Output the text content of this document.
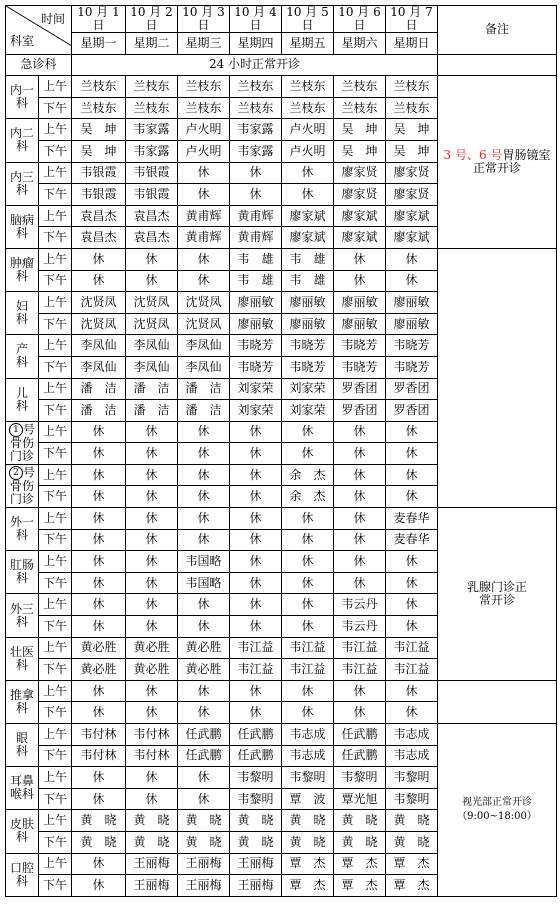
时间
科室		10 月 1 日	10 月 2 日	10 月 3 日	10 月 4 日	10 月 5 日	10 月 6 日	10 月 7 日	备注
		星期一	星期二	星期三	星期四	星期五	星期六	星期日	
急诊科		24 小时正常开诊							
内一科	上午	兰枝东	兰枝东	兰枝东	兰枝东	兰枝东	兰枝东	兰枝东	3 号、6 号胃肠镜室正常开诊
	下午	兰枝东	兰枝东	兰枝东	兰枝东	兰枝东	兰枝东	兰枝东	
内二科	上午	吴　坤	韦家露	卢火明	韦家露	卢火明	吴　坤	吴　坤	
	下午	吴　坤	韦家露	卢火明	韦家露	卢火明	吴　坤	吴　坤	
内三科	上午	韦银霞	韦银霞	休	休	休	廖家贤	廖家贤	
	下午	韦银霞	韦银霞	休	休	休	廖家贤	廖家贤	
脑病科	上午	袁昌杰	袁昌杰	黄甫辉	黄甫辉	廖家斌	廖家斌	廖家斌	
	下午	袁昌杰	袁昌杰	黄甫辉	黄甫辉	廖家斌	廖家斌	廖家斌	
肿瘤科	上午	休	休	休	韦　雄	韦　雄	休	休	
	下午	休	休	休	韦　雄	韦　雄	休	休	
妇　科	上午	沈贤凤	沈贤凤	沈贤凤	廖丽敏	廖丽敏	廖丽敏	廖丽敏	
	下午	沈贤凤	沈贤凤	沈贤凤	廖丽敏	廖丽敏	廖丽敏	廖丽敏	
产　科	上午	李凤仙	李凤仙	李凤仙	韦晓芳	韦晓芳	韦晓芳	韦晓芳	
	下午	李凤仙	李凤仙	李凤仙	韦晓芳	韦晓芳	韦晓芳	韦晓芳	
儿　科	上午	潘　洁	潘　洁	潘　洁	刘家荣	刘家荣	罗香团	罗香团	
	下午	潘　洁	潘　洁	潘　洁	刘家荣	刘家荣	罗香团	罗香团	
1 号骨伤门诊	上午	休	休	休	休	休	休	休	
	下午	休	休	休	休	休	休	休	
2 号骨伤门诊	上午	休	休	休	休	余　杰	休	休	
	下午	休	休	休	休	余　杰	休	休	
外一科	上午	休	休	休	休	休	休	麦春华	乳腺门诊正常开诊
	下午	休	休	休	休	休	休	麦春华	
肛肠科	上午	休	休	韦国略	休	休	休	休	
	下午	休	休	韦国略	休	休	休	休	
外三科	上午	休	休	休	休	休	韦云丹	休	
	下午	休	休	休	休	休	韦云丹	休	
壮医科	上午	黄必胜	黄必胜	黄必胜	韦江益	韦江益	韦江益	韦江益	
	下午	黄必胜	黄必胜	黄必胜	韦江益	韦江益	韦江益	韦江益	
推拿科	上午	休	休	休	休	休	休	休	
	下午	休	休	休	休	休	休	休	
眼　科	上午	韦付林	韦付林	任武鹏	任武鹏	韦志成	任武鹏	韦志成	视光部正常开诊
（9:00~18:00）

	下午	韦付林	韦付林	任武鹏	任武鹏	韦志成	任武鹏	韦志成	
耳鼻喉科	上午	休	休	休	韦黎明	韦黎明	韦黎明	韦黎明	
	下午	休	休	休	韦黎明	覃　波	覃光旭	韦黎明	
皮肤科	上午	黄　晓	黄　晓	黄　晓	黄　晓	黄　晓	黄　晓	黄　晓	
	下午	黄　晓	黄　晓	黄　晓	黄　晓	黄　晓	黄　晓	黄　晓	
口腔科	上午	休	王丽梅	王丽梅	王丽梅	覃　杰	覃　杰	覃　杰	
	下午	休	王丽梅	王丽梅	王丽梅	覃　杰	覃　杰	覃　杰	
